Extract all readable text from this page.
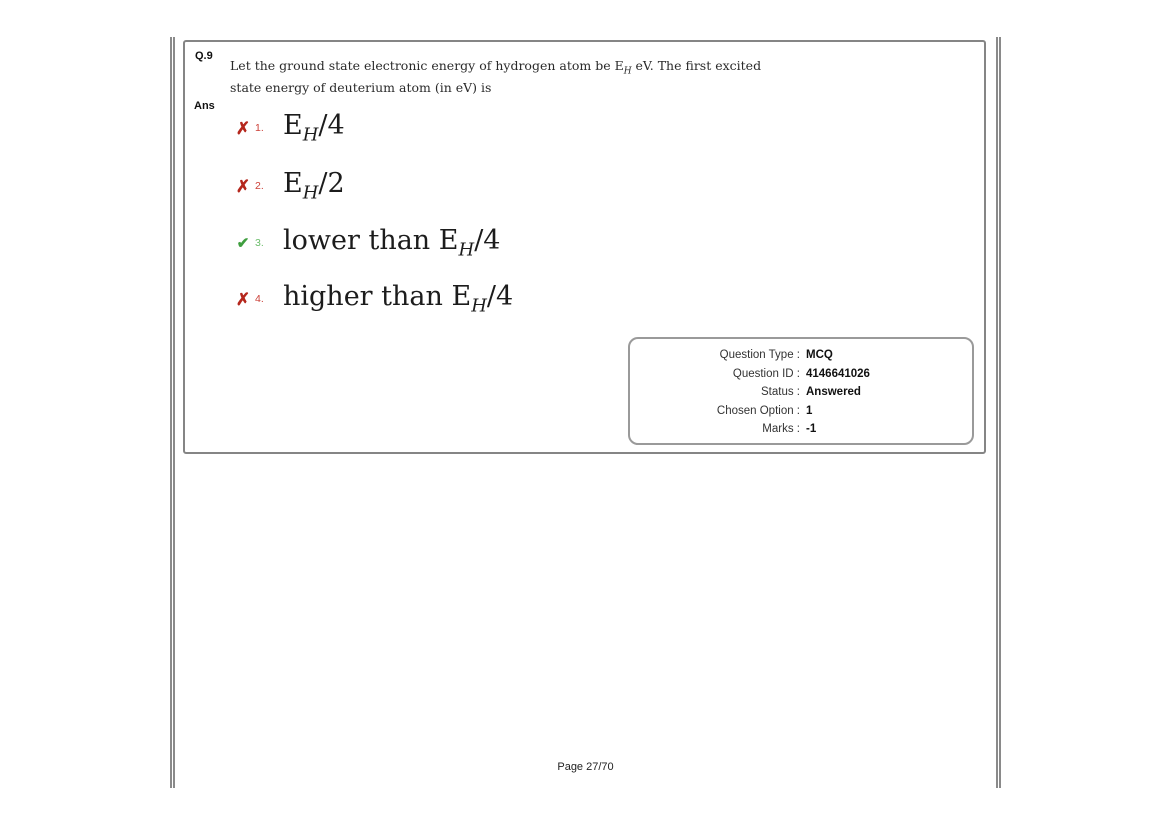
Q.9
Let the ground state electronic energy of hydrogen atom be $E_H$ eV. The first excited
state energy of deuterium atom (in eV) is
Ans
✗ 1. $E_H/4$
✗ 2. $E_H/2$
✔ 3. lower than $E_H/4$
✗ 4. higher than $E_H/4$
Question Type : MCQ
Question ID : 4146641026
Status : Answered
Chosen Option : 1
Marks : -1
Page 27/70
